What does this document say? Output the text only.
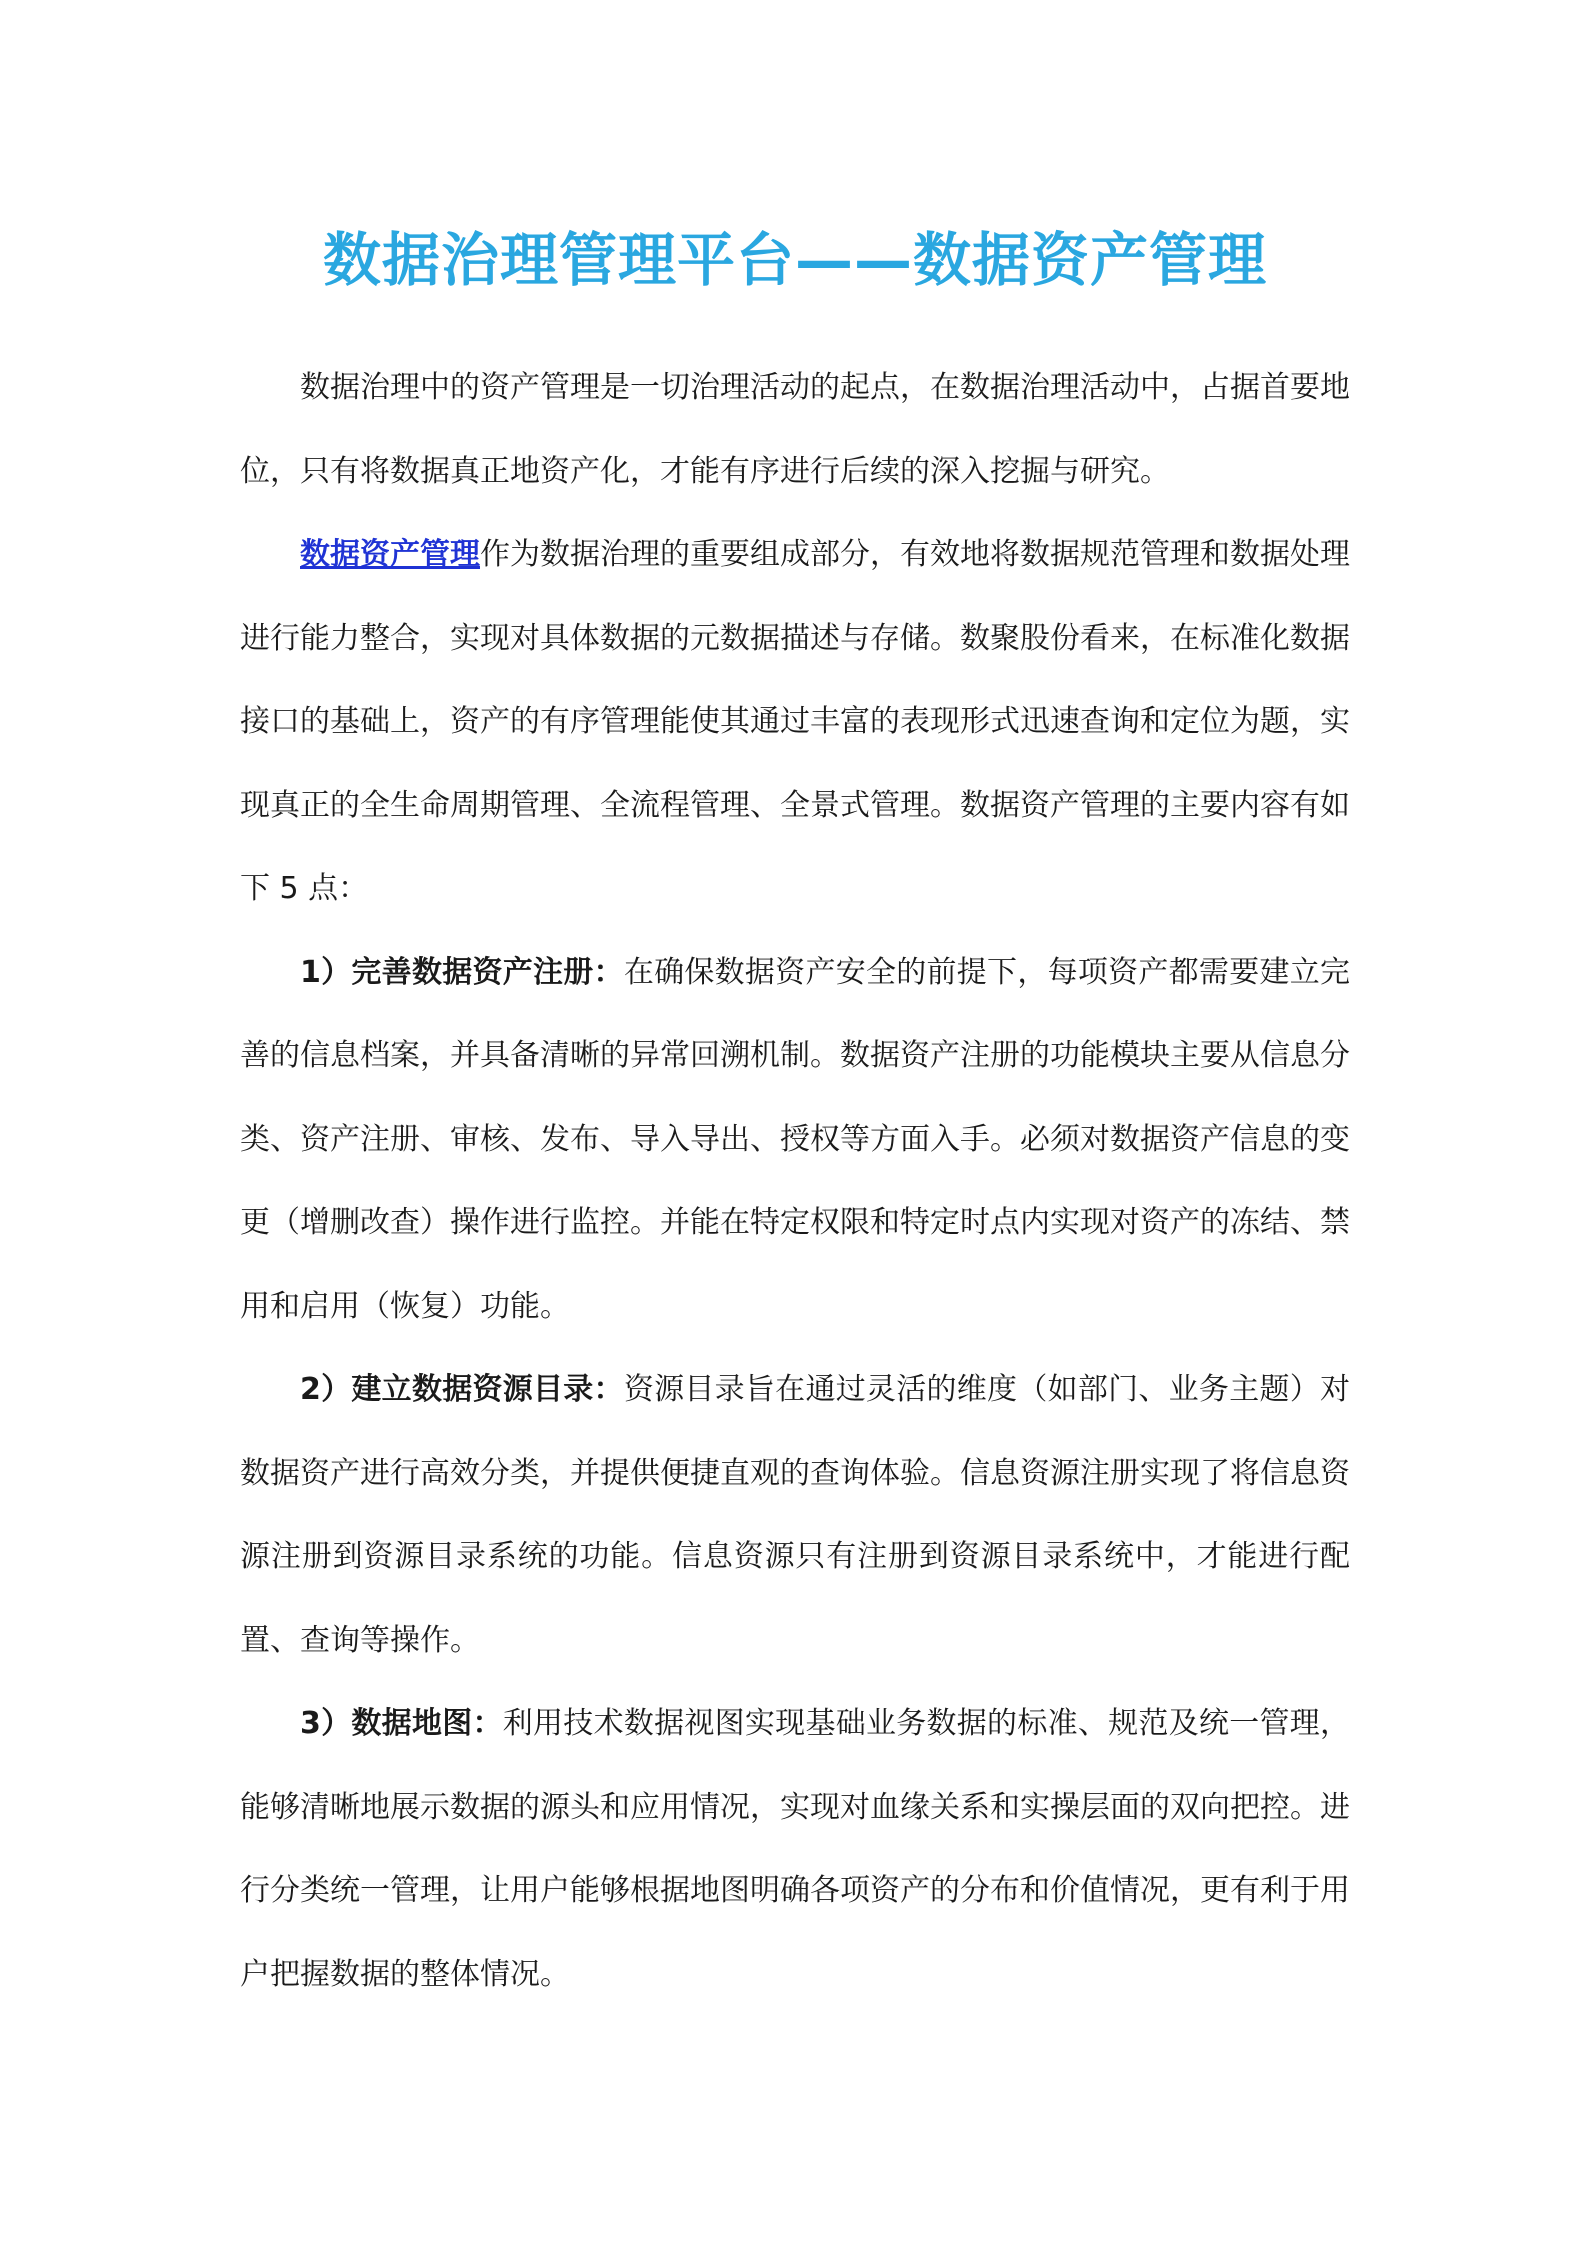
数据治理管理平台——数据资产管理

数据治理中的资产管理是一切治理活动的起点，在数据治理活动中，占据首要地位，只有将数据真正地资产化，才能有序进行后续的深入挖掘与研究。

数据资产管理作为数据治理的重要组成部分，有效地将数据规范管理和数据处理进行能力整合，实现对具体数据的元数据描述与存储。数聚股份看来，在标准化数据接口的基础上，资产的有序管理能使其通过丰富的表现形式迅速查询和定位为题，实现真正的全生命周期管理、全流程管理、全景式管理。数据资产管理的主要内容有如下 5 点：

1）完善数据资产注册：在确保数据资产安全的前提下，每项资产都需要建立完善的信息档案，并具备清晰的异常回溯机制。数据资产注册的功能模块主要从信息分类、资产注册、审核、发布、导入导出、授权等方面入手。必须对数据资产信息的变更（增删改查）操作进行监控。并能在特定权限和特定时点内实现对资产的冻结、禁用和启用（恢复）功能。

2）建立数据资源目录：资源目录旨在通过灵活的维度（如部门、业务主题）对数据资产进行高效分类，并提供便捷直观的查询体验。信息资源注册实现了将信息资源注册到资源目录系统的功能。信息资源只有注册到资源目录系统中，才能进行配置、查询等操作。

3）数据地图：利用技术数据视图实现基础业务数据的标准、规范及统一管理，能够清晰地展示数据的源头和应用情况，实现对血缘关系和实操层面的双向把控。进行分类统一管理，让用户能够根据地图明确各项资产的分布和价值情况，更有利于用户把握数据的整体情况。
